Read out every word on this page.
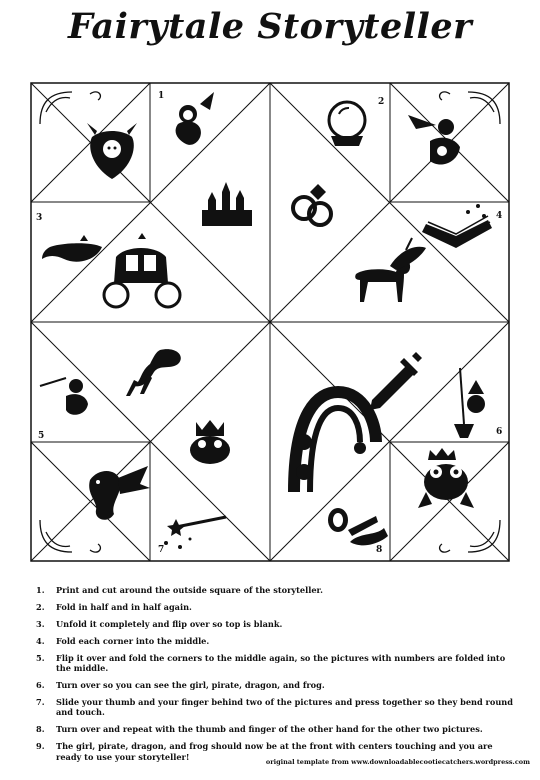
Fairytale Storyteller
1
2
3	4
5	6
7	8
1.	Print and cut around the outside square of the storyteller.
2.	Fold in half and in half again.
3.	Unfold it completely and flip over so top is blank.
4.	Fold each corner into the middle.
5.	Flip it over and fold the corners to the middle again, so the pictures with numbers are folded into the middle.
6.	Turn over so you can see the girl, pirate, dragon, and frog.
7.	Slide your thumb and your finger behind two of the pictures and press together so they bend round and touch.
8.	Turn over and repeat with the thumb and finger of the other hand for the other two pictures.
9.	The girl, pirate, dragon, and frog should now be at the front with centers touching and you are ready to use your storyteller!
original template from www.downloadablecootiecatchers.wordpress.com
